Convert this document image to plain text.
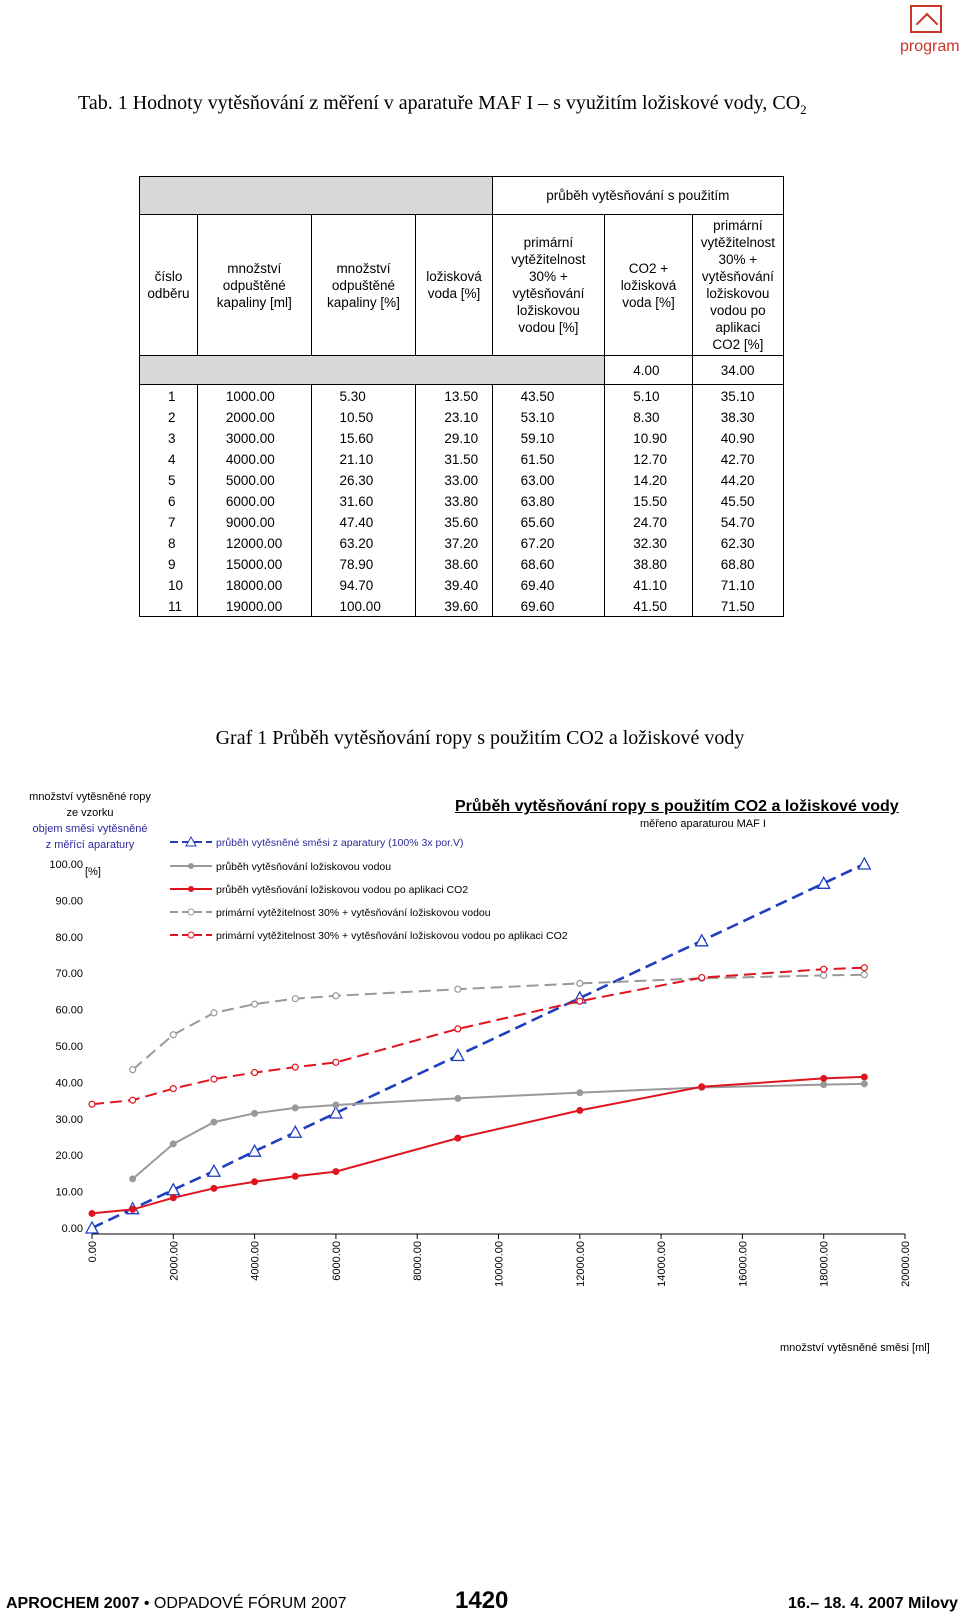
program
Tab. 1 Hodnoty vytěsňování z měření v aparatuře MAF I – s využitím ložiskové vody, $CO_2$
				průběh vytěsňování s použitím		
číslo odběru	množství odpuštěné kapaliny [ml]	množství odpuštěné kapaliny [%]	ložisková voda [%]	primární vytěžitelnost 30% + vytěsňování ložiskovou vodou [%]	CO2 + ložisková voda [%]	primární vytěžitelnost 30% + vytěsňování ložiskovou vodou po aplikaci CO2 [%]
					4.00	34.00
1	1000.00	5.30	13.50	43.50	5.10	35.10
2	2000.00	10.50	23.10	53.10	8.30	38.30
3	3000.00	15.60	29.10	59.10	10.90	40.90
4	4000.00	21.10	31.50	61.50	12.70	42.70
5	5000.00	26.30	33.00	63.00	14.20	44.20
6	6000.00	31.60	33.80	63.80	15.50	45.50
7	9000.00	47.40	35.60	65.60	24.70	54.70
8	12000.00	63.20	37.20	67.20	32.30	62.30
9	15000.00	78.90	38.60	68.60	38.80	68.80
10	18000.00	94.70	39.40	69.40	41.10	71.10
11	19000.00	100.00	39.60	69.60	41.50	71.50
Graf 1 Průběh vytěsňování ropy s použitím CO2 a ložiskové vody
množství vytěsněné ropy
ze vzorku
objem směsi vytěsněné
z měřící aparatury
Průběh vytěsňování ropy s použitím CO2 a ložiskové vody
měřeno aparaturou MAF I
[%]
množství vytěsněné směsi [ml]
0.00
10.00
20.00
30.00
40.00
50.00
60.00
70.00
80.00
90.00
100.00
0.00	2000.00	4000.00	6000.00	8000.00	10000.00	12000.00	14000.00	16000.00	18000.00	20000.00
průběh vytěsněné směsi z aparatury (100% 3x por.V)
průběh vytěsňování ložiskovou vodou
průběh vytěsňování ložiskovou vodou po aplikaci CO2
primární vytěžitelnost 30% + vytěsňování ložiskovou vodou
primární vytěžitelnost 30% + vytěsňování ložiskovou vodou po aplikaci CO2
APROCHEM 2007 • ODPADOVÉ FÓRUM 2007	1420	16.– 18. 4. 2007 Milovy
